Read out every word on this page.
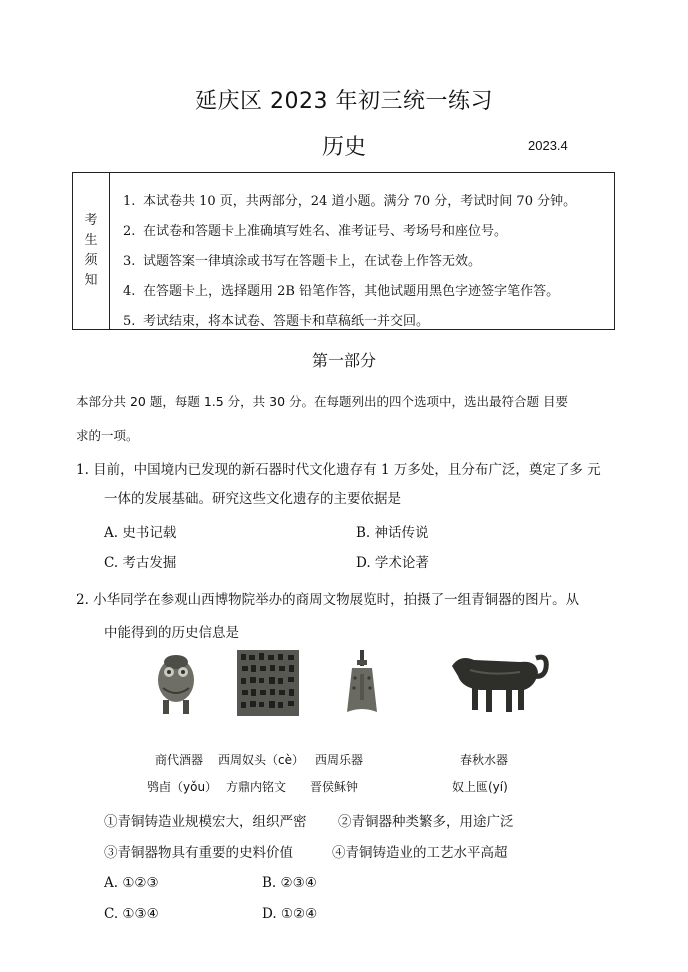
延庆区 2023 年初三统一练习
历史	2023.4
考
生
须
知
1. 本试卷共 10 页，共两部分，24 道小题。满分 70 分，考试时间 70 分钟。
2. 在试卷和答题卡上准确填写姓名、准考证号、考场号和座位号。
3. 试题答案一律填涂或书写在答题卡上，在试卷上作答无效。
4. 在答题卡上，选择题用 2B 铅笔作答，其他试题用黑色字迹签字笔作答。
5. 考试结束，将本试卷、答题卡和草稿纸一并交回。
第一部分
本部分共 20 题，每题 1.5 分，共 30 分。在每题列出的四个选项中，选出最符合题 目要
求的一项。
1. 目前，中国境内已发现的新石器时代文化遗存有 1 万多处，且分布广泛，奠定了多 元
一体的发展基础。研究这些文化遗存的主要依据是
A. 史书记载	B. 神话传说
C. 考古发掘	D. 学术论著
2. 小华同学在参观山西博物院举办的商周文物展览时，拍摄了一组青铜器的图片。从
中能得到的历史信息是
商代酒器 西周奴头（cè） 西周乐器	春秋水器
鸮卣（yǒu） 方鼎内铭文 晋侯稣钟	奴上匜(yí)
①青铜铸造业规模宏大，组织严密 ②青铜器种类繁多，用途广泛
③青铜器物具有重要的史料价值	④青铜铸造业的工艺水平高超
A. ①②③	B. ②③④
C. ①③④	D. ①②④
